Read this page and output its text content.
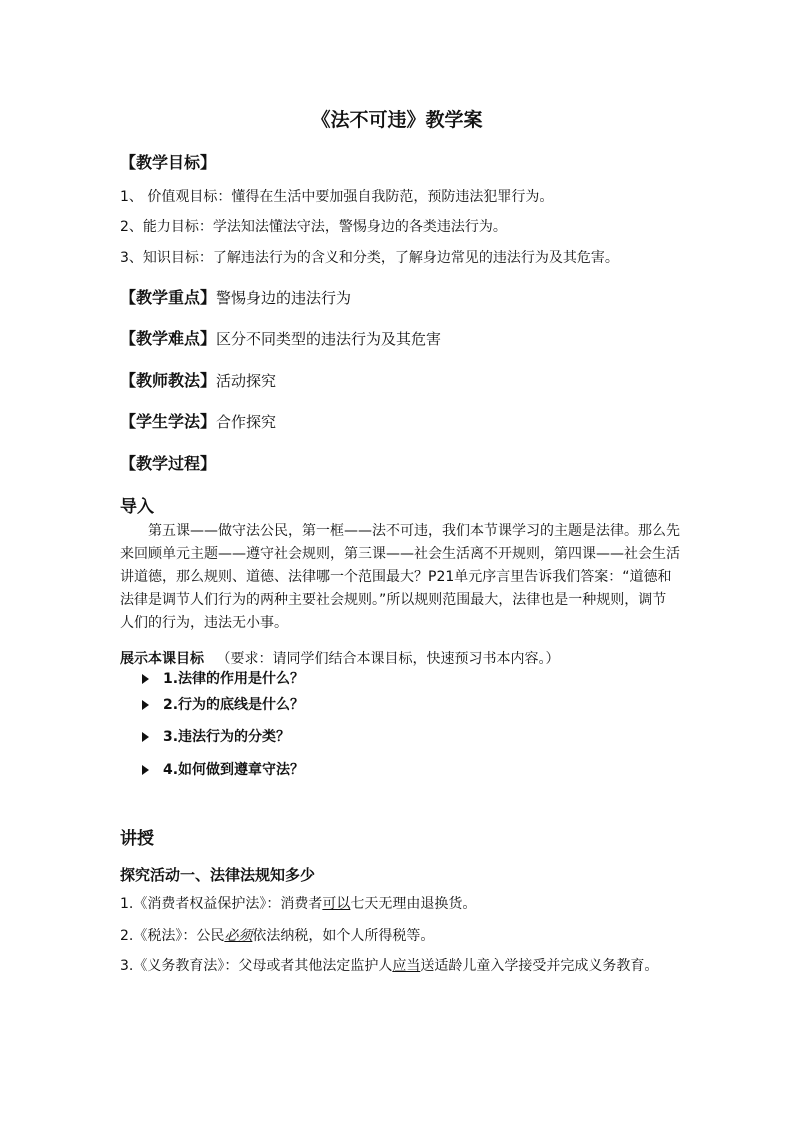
《法不可违》教学案
【教学目标】
1、 价值观目标：懂得在生活中要加强自我防范，预防违法犯罪行为。
2、能力目标：学法知法懂法守法，警惕身边的各类违法行为。
3、知识目标：了解违法行为的含义和分类，了解身边常见的违法行为及其危害。
【教学重点】警惕身边的违法行为
【教学难点】区分不同类型的违法行为及其危害
【教师教法】活动探究
【学生学法】合作探究
【教学过程】
导入
第五课——做守法公民，第一框——法不可违，我们本节课学习的主题是法律。那么先来回顾单元主题——遵守社会规则，第三课——社会生活离不开规则，第四课——社会生活讲道德，那么规则、道德、法律哪一个范围最大？P21单元序言里告诉我们答案：“道德和法律是调节人们行为的两种主要社会规则。”所以规则范围最大，法律也是一种规则，调节人们的行为，违法无小事。
展示本课目标 （要求：请同学们结合本课目标，快速预习书本内容。）
1.法律的作用是什么？
2.行为的底线是什么？
3.违法行为的分类？
4.如何做到遵章守法？
讲授
探究活动一、法律法规知多少
1.《消费者权益保护法》：消费者可以七天无理由退换货。
2.《税法》：公民必须依法纳税，如个人所得税等。
3.《义务教育法》：父母或者其他法定监护人应当送适龄儿童入学接受并完成义务教育。
